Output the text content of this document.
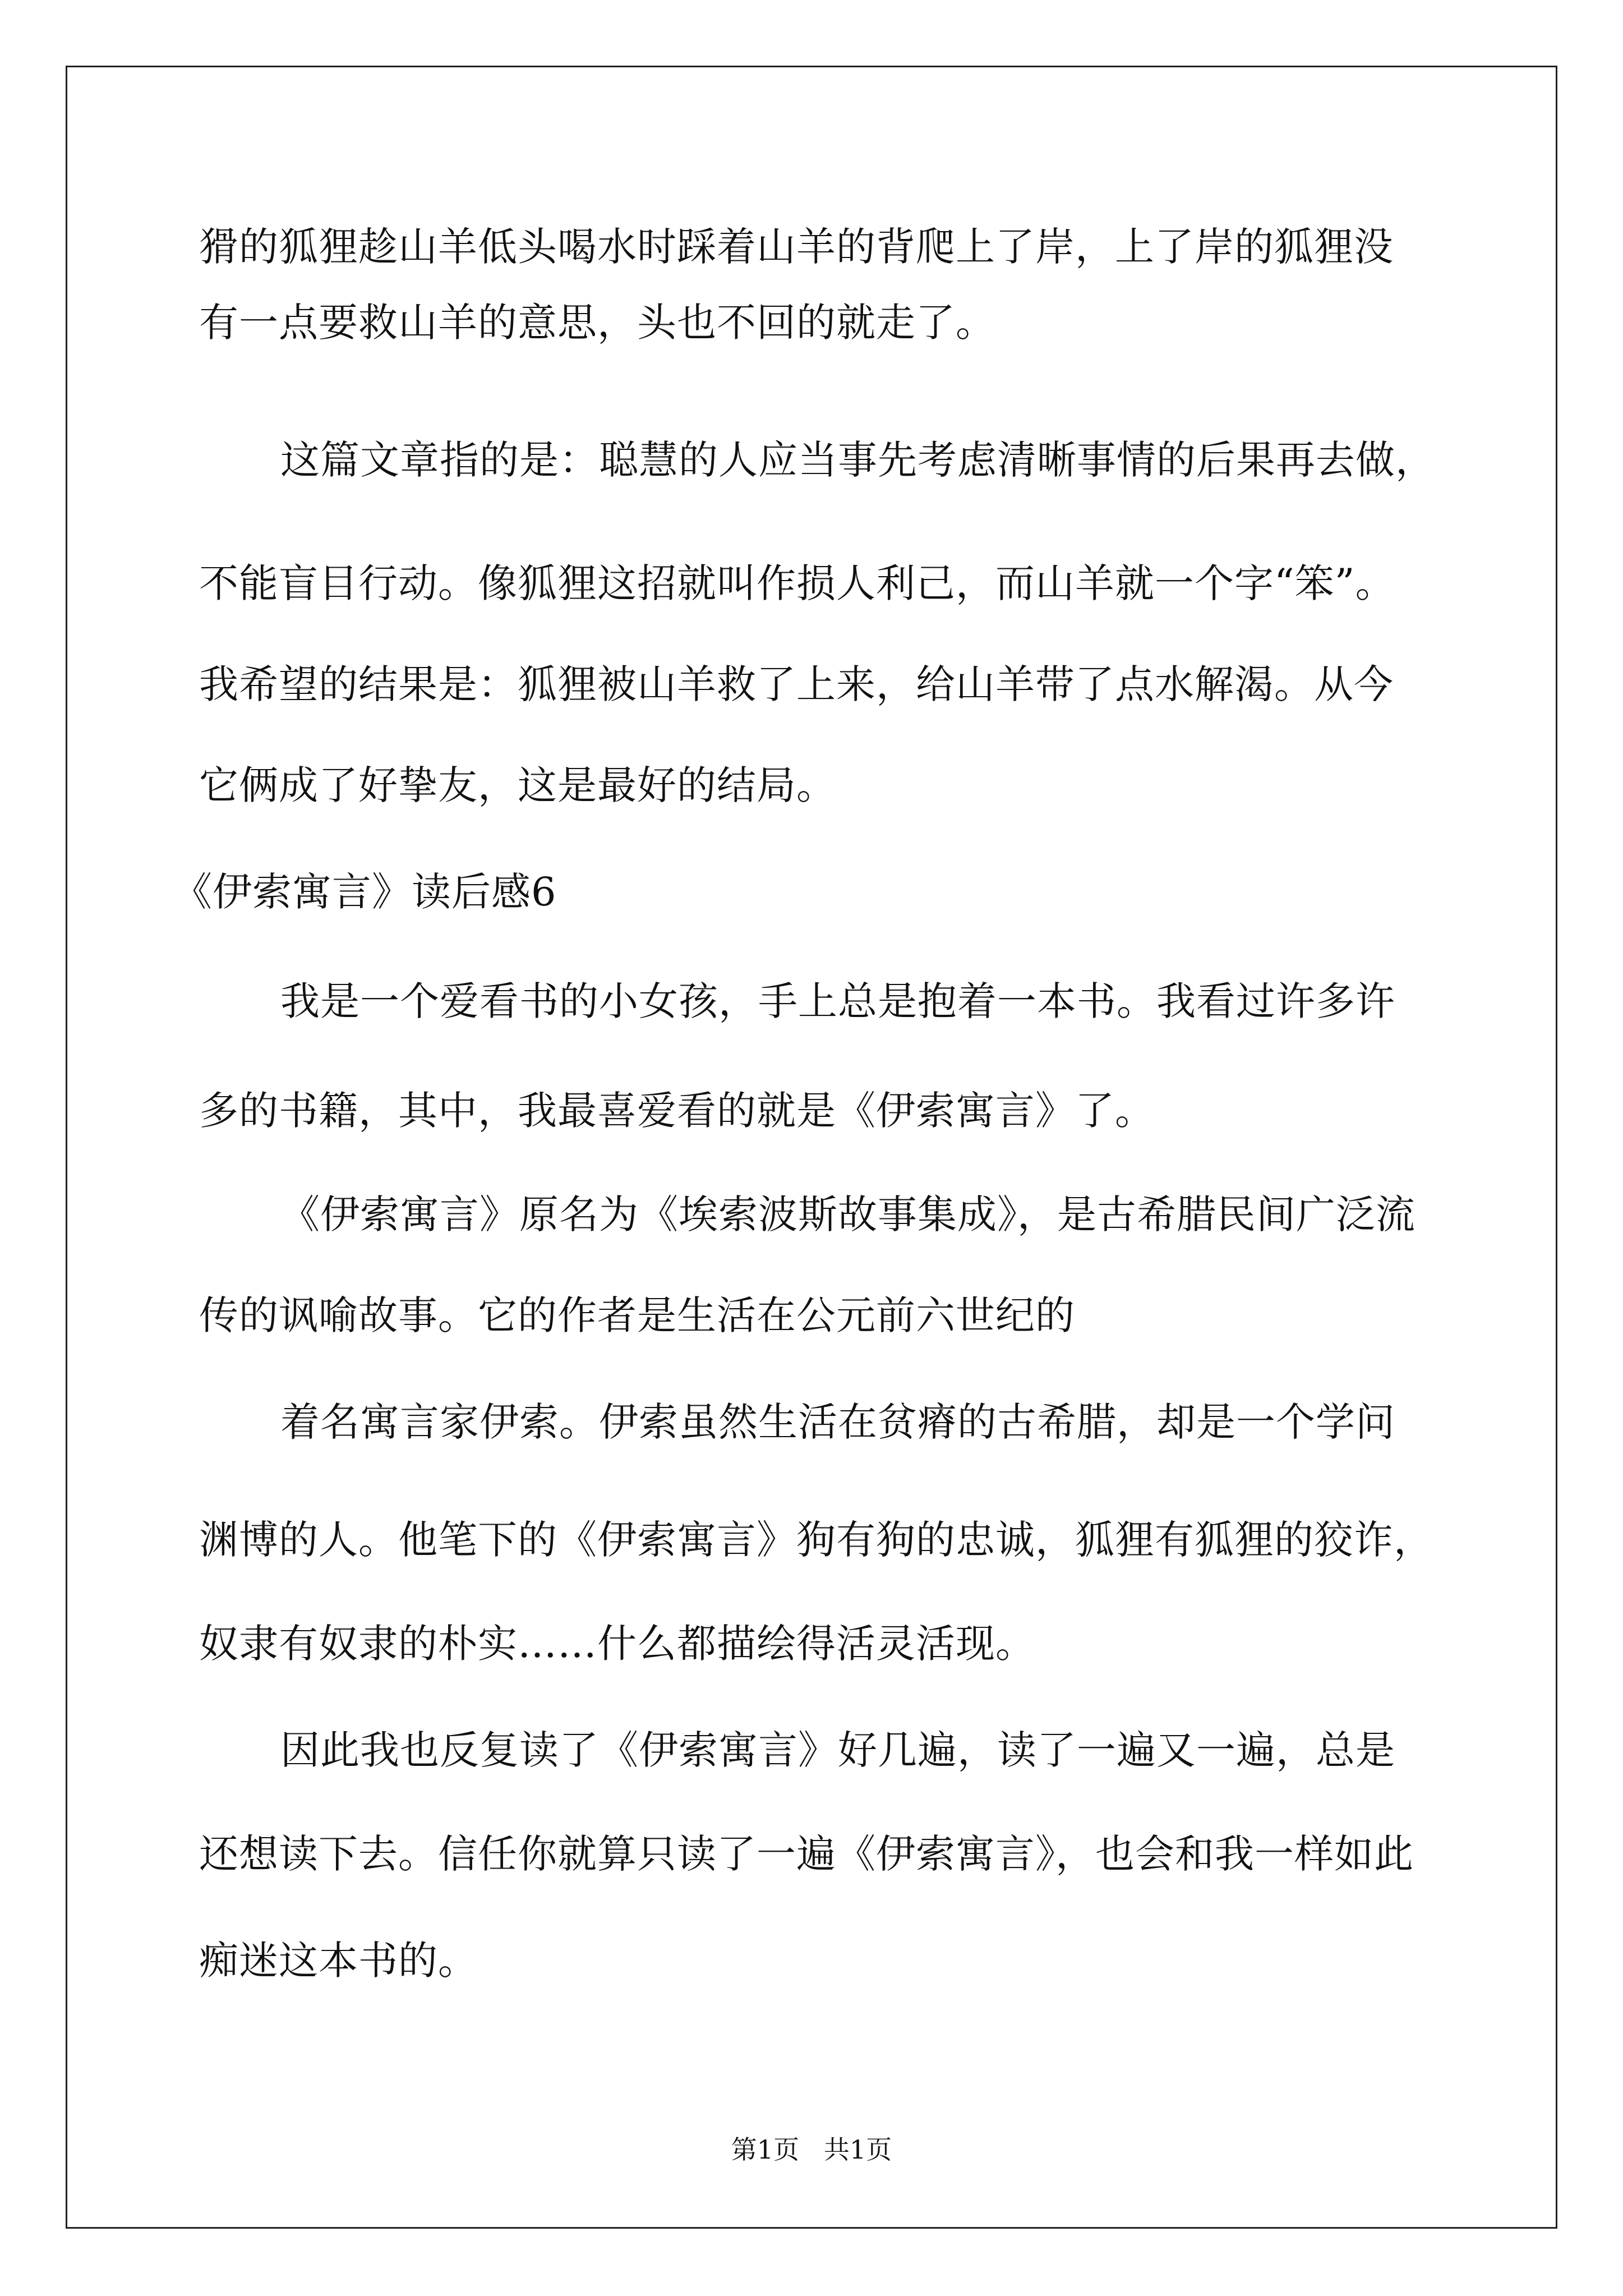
猾的狐狸趁山羊低头喝水时踩着山羊的背爬上了岸，上了岸的狐狸没
有一点要救山羊的意思，头也不回的就走了。
这篇文章指的是：聪慧的人应当事先考虑清晰事情的后果再去做，
不能盲目行动。像狐狸这招就叫作损人利己，而山羊就一个字“笨”。
我希望的结果是：狐狸被山羊救了上来，给山羊带了点水解渴。从今
它俩成了好挚友，这是最好的结局。
《伊索寓言》读后感6
我是一个爱看书的小女孩，手上总是抱着一本书。我看过许多许
多的书籍，其中，我最喜爱看的就是《伊索寓言》了。
《伊索寓言》原名为《埃索波斯故事集成》，是古希腊民间广泛流
传的讽喻故事。它的作者是生活在公元前六世纪的
着名寓言家伊索。伊索虽然生活在贫瘠的古希腊，却是一个学问
渊博的人。他笔下的《伊索寓言》狗有狗的忠诚，狐狸有狐狸的狡诈，
奴隶有奴隶的朴实……什么都描绘得活灵活现。
因此我也反复读了《伊索寓言》好几遍，读了一遍又一遍，总是
还想读下去。信任你就算只读了一遍《伊索寓言》，也会和我一样如此
痴迷这本书的。
第1页   共1页
